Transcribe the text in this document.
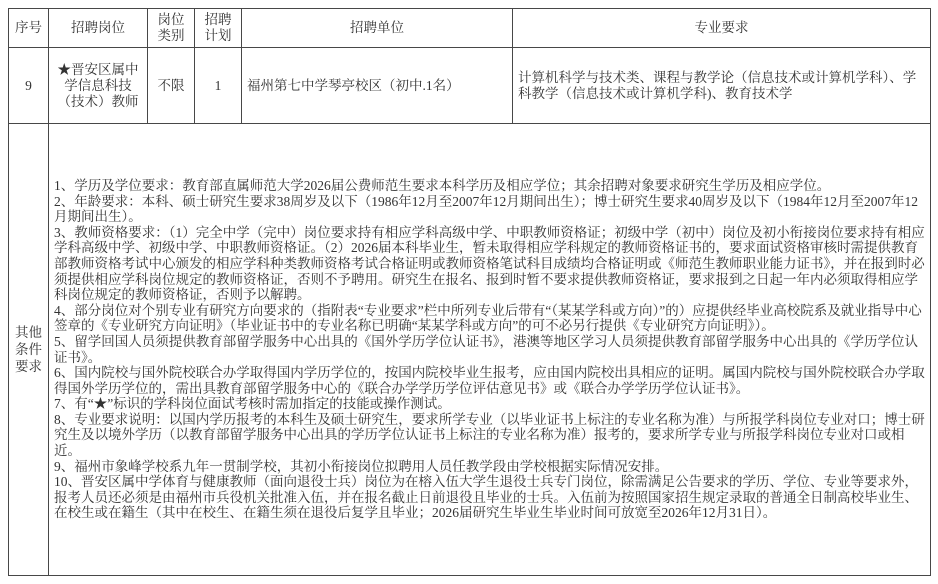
序号	招聘岗位	岗位类别	招聘计划	招聘单位	专业要求
9	★晋安区属中学信息科技（技术）教师	不限	1	福州第七中学琴亭校区（初中.1名）	计算机科学与技术类、课程与教学论（信息技术或计算机学科）、学科教学（信息技术或计算机学科)、教育技术学
其他条件要求	

1、学历及学位要求：教育部直属师范大学2026届公费师范生要求本科学历及相应学位；其余招聘对象要求研究生学历及相应学位。

2、年龄要求：本科、硕士研究生要求38周岁及以下（1986年12月至2007年12月期间出生）；博士研究生要求40周岁及以下（1984年12月至2007年12月期间出生）。

3、教师资格要求：（1）完全中学（完中）岗位要求持有相应学科高级中学、中职教师资格证；初级中学（初中）岗位及初小衔接岗位要求持有相应学科高级中学、初级中学、中职教师资格证。（2）2026届本科毕业生，暂未取得相应学科规定的教师资格证书的，要求面试资格审核时需提供教育部教师资格考试中心颁发的相应学科种类教师资格考试合格证明或教师资格笔试科目成绩均合格证明或《师范生教师职业能力证书》，并在报到时必须提供相应学科岗位规定的教师资格证，否则不予聘用。研究生在报名、报到时暂不要求提供教师资格证，要求报到之日起一年内必须取得相应学科岗位规定的教师资格证，否则予以解聘。

4、部分岗位对个别专业有研究方向要求的（指附表“专业要求”栏中所列专业后带有“（某某学科或方向）”的）应提供经毕业高校院系及就业指导中心签章的《专业研究方向证明》（毕业证书中的专业名称已明确“某某学科或方向”的可不必另行提供《专业研究方向证明》）。

5、留学回国人员须提供教育部留学服务中心出具的《国外学历学位认证书》，港澳等地区学习人员须提供教育部留学服务中心出具的《学历学位认证书》。

6、国内院校与国外院校联合办学取得国内学历学位的，按国内院校毕业生报考，应由国内院校出具相应的证明。属国内院校与国外院校联合办学取得国外学历学位的，需出具教育部留学服务中心的《联合办学学历学位评估意见书》或《联合办学学历学位认证书》。

7、有“★”标识的学科岗位面试考核时需加指定的技能或操作测试。

8、专业要求说明：以国内学历报考的本科生及硕士研究生，要求所学专业（以毕业证书上标注的专业名称为准）与所报学科岗位专业对口；博士研究生及以境外学历（以教育部留学服务中心出具的学历学位认证书上标注的专业名称为准）报考的，要求所学专业与所报学科岗位专业对口或相近。

9、福州市象峰学校系九年一贯制学校，其初小衔接岗位拟聘用人员任教学段由学校根据实际情况安排。

10、晋安区属中学体育与健康教师（面向退役士兵）岗位为在榕入伍大学生退役士兵专门岗位，除需满足公告要求的学历、学位、专业等要求外，报考人员还必须是由福州市兵役机关批准入伍，并在报名截止日前退役且毕业的士兵。入伍前为按照国家招生规定录取的普通全日制高校毕业生、在校生或在籍生（其中在校生、在籍生须在退役后复学且毕业；2026届研究生毕业生毕业时间可放宽至2026年12月31日）。
